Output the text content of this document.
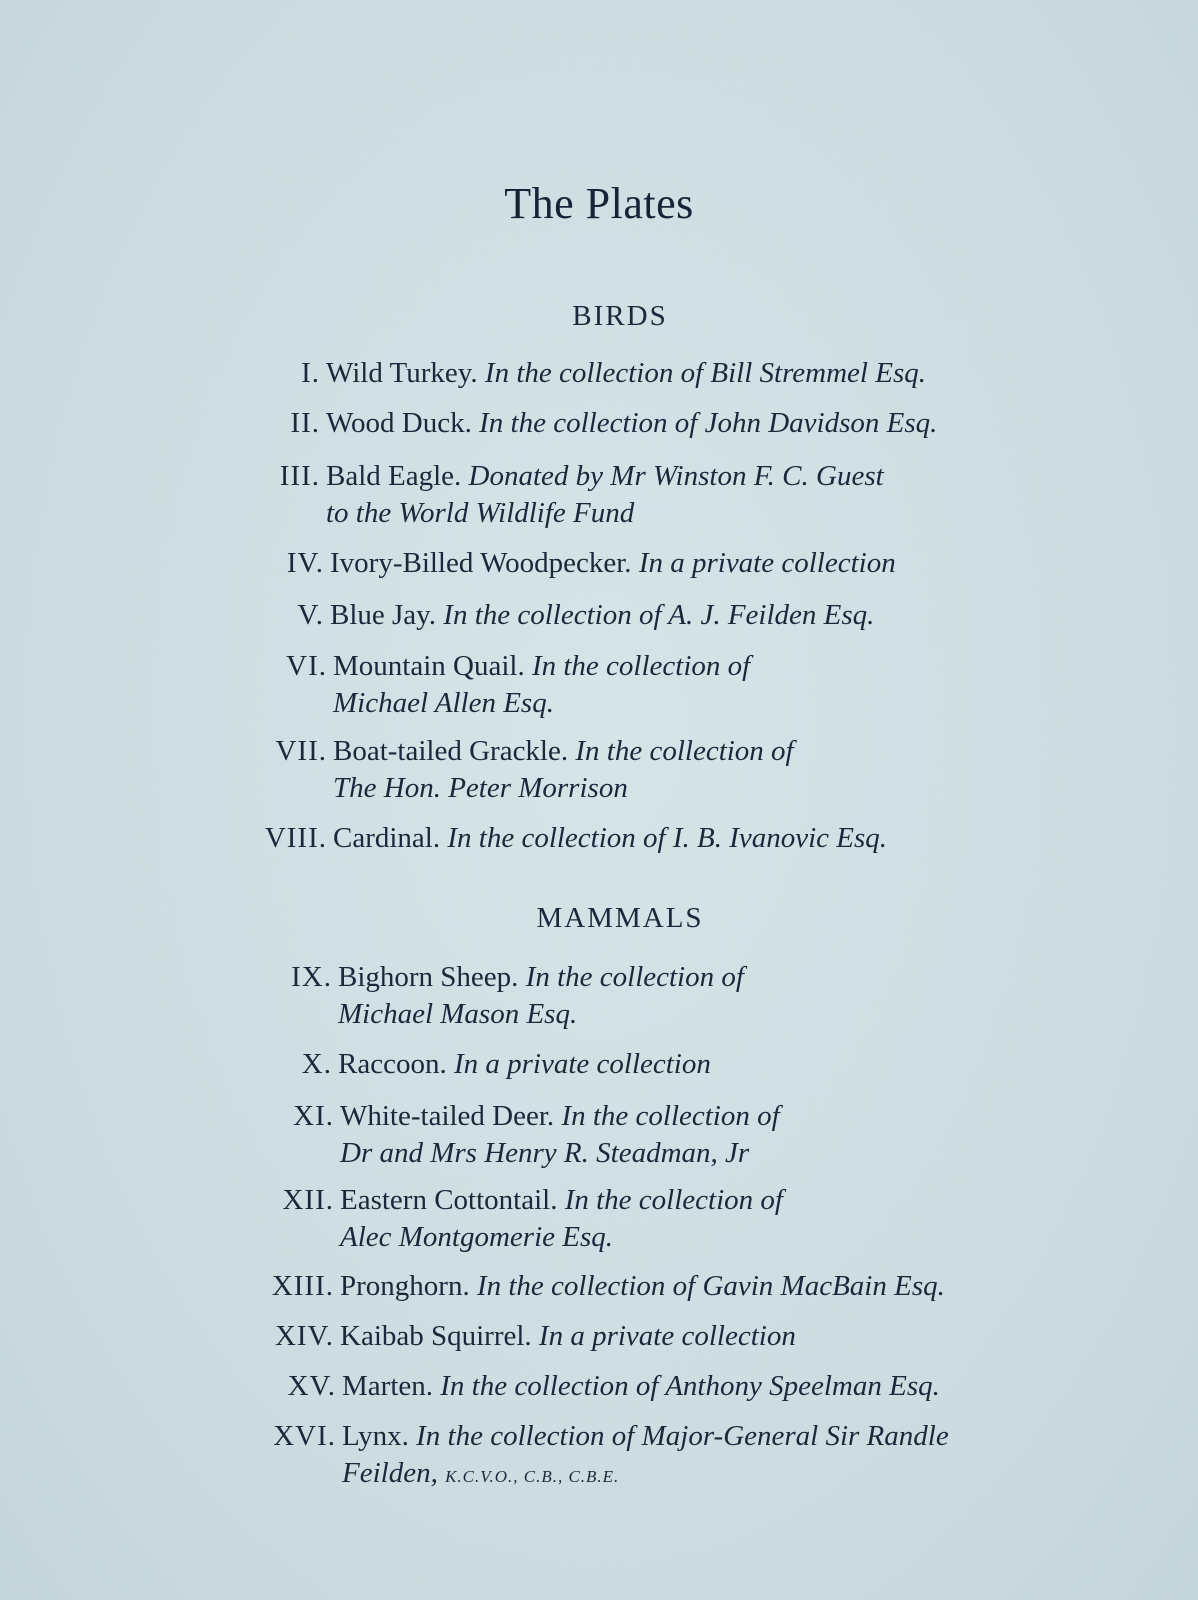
The Plates
BIRDS
I. Wild Turkey. In the collection of Bill Stremmel Esq.
II. Wood Duck. In the collection of John Davidson Esq.
III. Bald Eagle. Donated by Mr Winston F. C. Guest
to the World Wildlife Fund
IV. Ivory-Billed Woodpecker. In a private collection
V. Blue Jay. In the collection of A. J. Feilden Esq.
VI. Mountain Quail. In the collection of
Michael Allen Esq.
VII. Boat-tailed Grackle. In the collection of
The Hon. Peter Morrison
VIII. Cardinal. In the collection of I. B. Ivanovic Esq.
MAMMALS
IX. Bighorn Sheep. In the collection of
Michael Mason Esq.
X. Raccoon. In a private collection
XI. White-tailed Deer. In the collection of
Dr and Mrs Henry R. Steadman, Jr
XII. Eastern Cottontail. In the collection of
Alec Montgomerie Esq.
XIII. Pronghorn. In the collection of Gavin MacBain Esq.
XIV. Kaibab Squirrel. In a private collection
XV. Marten. In the collection of Anthony Speelman Esq.
XVI. Lynx. In the collection of Major-General Sir Randle
Feilden, K.C.V.O., C.B., C.B.E.
